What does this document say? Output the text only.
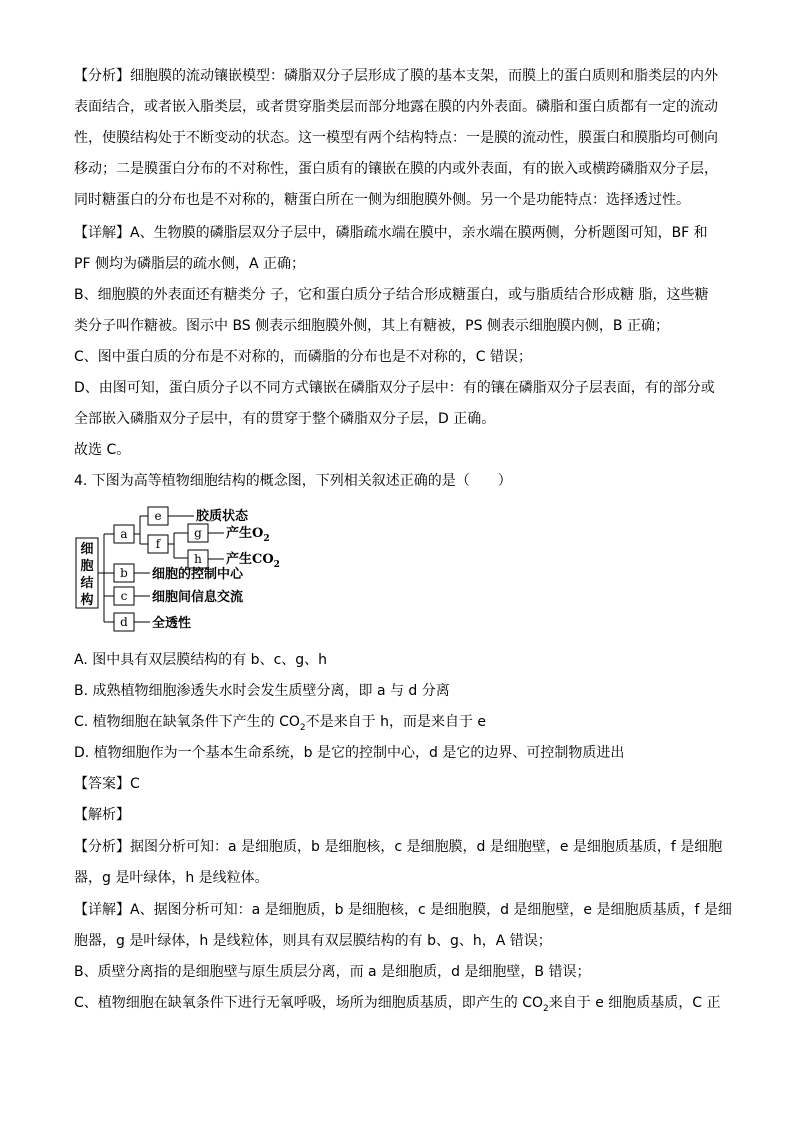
【分析】细胞膜的流动镶嵌模型：磷脂双分子层形成了膜的基本支架，而膜上的蛋白质则和脂类层的内外
表面结合，或者嵌入脂类层，或者贯穿脂类层而部分地露在膜的内外表面。磷脂和蛋白质都有一定的流动
性，使膜结构处于不断变动的状态。这一模型有两个结构特点：一是膜的流动性，膜蛋白和膜脂均可侧向
移动；二是膜蛋白分布的不对称性，蛋白质有的镶嵌在膜的内或外表面，有的嵌入或横跨磷脂双分子层，
同时糖蛋白的分布也是不对称的，糖蛋白所在一侧为细胞膜外侧。另一个是功能特点：选择透过性。
【详解】A、生物膜的磷脂层双分子层中，磷脂疏水端在膜中，亲水端在膜两侧，分析题图可知，BF 和
PF 侧均为磷脂层的疏水侧，A 正确；
B、细胞膜的外表面还有糖类分 子，它和蛋白质分子结合形成糖蛋白，或与脂质结合形成糖 脂，这些糖
类分子叫作糖被。图示中 BS 侧表示细胞膜外侧，其上有糖被，PS 侧表示细胞膜内侧，B 正确；
C、图中蛋白质的分布是不对称的，而磷脂的分布也是不对称的，C 错误；
D、由图可知，蛋白质分子以不同方式镶嵌在磷脂双分子层中：有的镶在磷脂双分子层表面，有的部分或
全部嵌入磷脂双分子层中，有的贯穿于整个磷脂双分子层，D 正确。
故选 C。
4. 下图为高等植物细胞结构的概念图，下列相关叙述正确的是（　　）
细
胞
结
构
a
e	胶质状态
f
g 产生$O_2$
h 产生$CO_2$
b 细胞的控制中心
c 细胞间信息交流
d 全透性
A. 图中具有双层膜结构的有 b、c、g、h
B. 成熟植物细胞渗透失水时会发生质壁分离，即 a 与 d 分离
C. 植物细胞在缺氧条件下产生的 $CO_2$不是来自于 h，而是来自于 e
D. 植物细胞作为一个基本生命系统，b 是它的控制中心，d 是它的边界、可控制物质进出
【答案】C
【解析】
【分析】据图分析可知：a 是细胞质，b 是细胞核，c 是细胞膜，d 是细胞壁，e 是细胞质基质，f 是细胞
器，g 是叶绿体，h 是线粒体。
【详解】A、据图分析可知：a 是细胞质，b 是细胞核，c 是细胞膜，d 是细胞壁，e 是细胞质基质，f 是细
胞器，g 是叶绿体，h 是线粒体，则具有双层膜结构的有 b、g、h，A 错误；
B、质壁分离指的是细胞壁与原生质层分离，而 a 是细胞质，d 是细胞壁，B 错误；
C、植物细胞在缺氧条件下进行无氧呼吸，场所为细胞质基质，即产生的 $CO_2$来自于 e 细胞质基质，C 正
